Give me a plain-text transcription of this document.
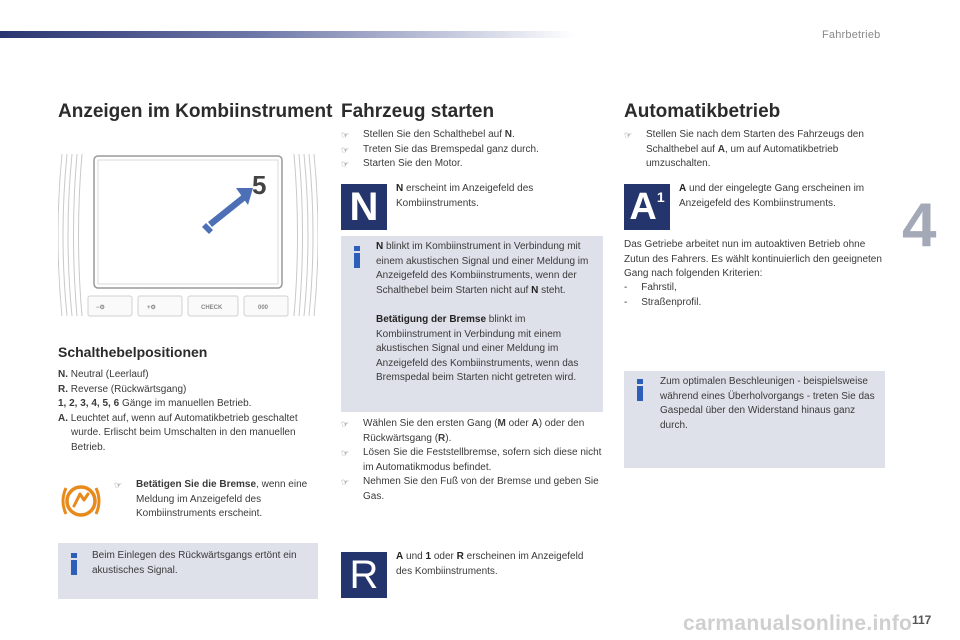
Fahrbetrieb
4
Anzeigen im Kombiinstrument
5
−⚙	+⚙	CHECK	000
Schalthebelpositionen

N. Neutral (Leerlauf)

R. Reverse (Rückwärtsgang)

1, 2, 3, 4, 5, 6 Gänge im manuellen Betrieb.

A. Leuchtet auf, wenn auf Automatikbetrieb geschaltet wurde. Erlischt beim Umschalten in den manuellen Betrieb.

☞ Betätigen Sie die Bremse, wenn eine Meldung im Anzeigefeld des Kombiinstruments erscheint.

Beim Einlegen des Rückwärtsgangs ertönt ein akustisches Signal.

Fahrzeug starten
☞ Stellen Sie den Schalthebel auf N.
☞ Treten Sie das Bremspedal ganz durch.
☞ Starten Sie den Motor.
N	N erscheint im Anzeigefeld des Kombiinstruments.

N blinkt im Kombiinstrument in Verbindung mit einem akustischen Signal und einer Meldung im Anzeigefeld des Kombiinstruments, wenn der Schalthebel beim Starten nicht auf N steht.

Betätigung der Bremse blinkt im Kombiinstrument in Verbindung mit einem akustischen Signal und einer Meldung im Anzeigefeld des Kombiinstruments, wenn das Bremspedal beim Starten nicht getreten wird.

☞ Wählen Sie den ersten Gang (M oder A) oder den Rückwärtsgang (R).
☞ Lösen Sie die Feststellbremse, sofern sich diese nicht im Automatikmodus befindet.
☞ Nehmen Sie den Fuß von der Bremse und geben Sie Gas.
R	A und 1 oder R erscheinen im Anzeigefeld des Kombiinstruments.

Automatikbetrieb
☞ Stellen Sie nach dem Starten des Fahrzeugs den Schalthebel auf A, um auf Automatikbetrieb umzuschalten.
$A^1$

A und der eingelegte Gang erscheinen im Anzeigefeld des Kombiinstruments.

Das Getriebe arbeitet nun im autoaktiven Betrieb ohne Zutun des Fahrers. Es wählt kontinuierlich den geeigneten Gang nach folgenden Kriterien:

-     Fahrstil,

-     Straßenprofil.

Zum optimalen Beschleunigen - beispielsweise während eines Überholvorgangs - treten Sie das Gaspedal über den Widerstand hinaus ganz durch.

carmanualsonline.info 117
